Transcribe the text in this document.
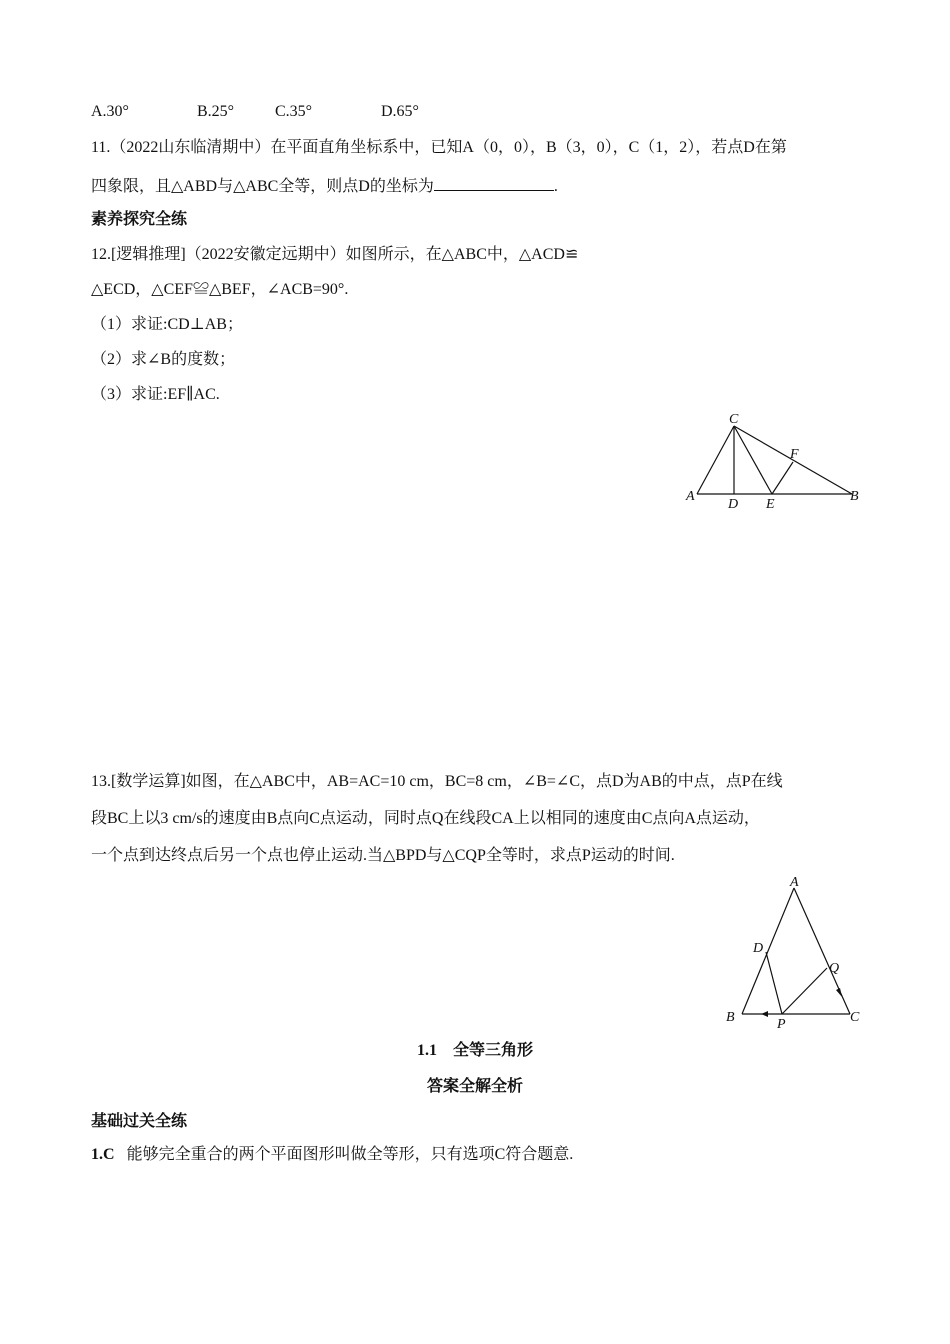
A.30°	B.25°	C.35°	D.65°
11.（2022山东临清期中）在平面直角坐标系中，已知A（0，0），B（3，0），C（1，2），若点D在第
四象限，且△ABD与△ABC全等，则点D的坐标为	.
素养探究全练
12.[逻辑推理]（2022安徽定远期中）如图所示，在△ABC中，△ACD≌
△ECD，△CEF≌△BEF，∠ACB=90°.
（1）求证:CD⊥AB；
（2）求∠B的度数；
（3）求证:EF∥AC.
C
F
A
D E
B
13.[数学运算]如图，在△ABC中，AB=AC=10 cm，BC=8 cm，∠B=∠C，点D为AB的中点，点P在线
段BC上以3 cm/s的速度由B点向C点运动，同时点Q在线段CA上以相同的速度由C点向A点运动，
一个点到达终点后另一个点也停止运动.当△BPD与△CQP全等时，求点P运动的时间.
A
D
Q
B	P	C
1.1　全等三角形
答案全解全析
基础过关全练
1.C 能够完全重合的两个平面图形叫做全等形，只有选项C符合题意.
